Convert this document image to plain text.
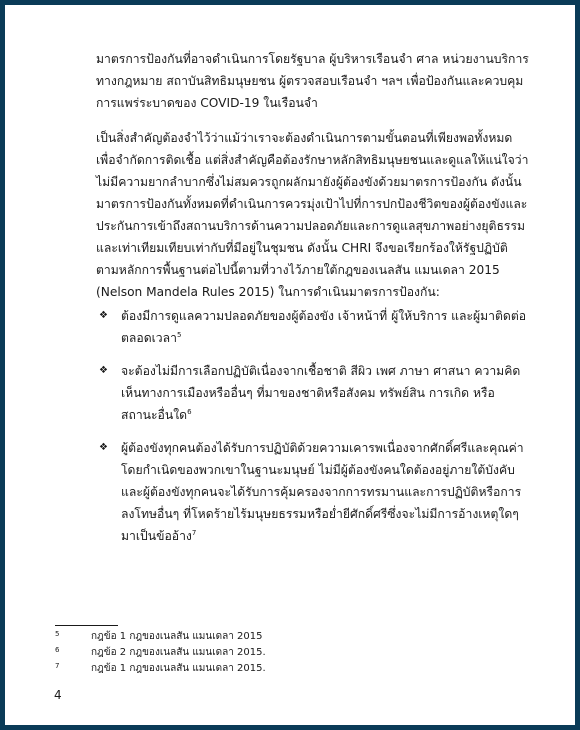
มาตรการป้องกันที่อาจดำเนินการโดยรัฐบาล ผู้บริหารเรือนจำ ศาล หน่วยงานบริการทางกฎหมาย สถาบันสิทธิมนุษยชน ผู้ตรวจสอบเรือนจำ ฯลฯ เพื่อป้องกันและควบคุมการแพร่ระบาดของ COVID-19 ในเรือนจำ

เป็นสิ่งสำคัญต้องจำไว้ว่าแม้ว่าเราจะต้องดำเนินการตามขั้นตอนที่เพียงพอทั้งหมดเพื่อจำกัดการติดเชื้อ แต่สิ่งสำคัญคือต้องรักษาหลักสิทธิมนุษยชนและดูแลให้แน่ใจว่าไม่มีความยากลำบากซึ่งไม่สมควรถูกผลักมายังผู้ต้องขังด้วยมาตรการป้องกัน ดังนั้น มาตรการป้องกันทั้งหมดที่ดำเนินการควรมุ่งเป้าไปที่การปกป้องชีวิตของผู้ต้องขังและประกันการเข้าถึงสถานบริการด้านความปลอดภัยและการดูแลสุขภาพอย่างยุติธรรมและเท่าเทียมเทียบเท่ากับที่มีอยู่ในชุมชน ดังนั้น CHRI จึงขอเรียกร้องให้รัฐปฏิบัติตามหลักการพื้นฐานต่อไปนี้ตามที่วางไว้ภายใต้กฎของเนลสัน แมนเดลา 2015 (Nelson Mandela Rules 2015) ในการดำเนินมาตรการป้องกัน:

❖ ต้องมีการดูแลความปลอดภัยของผู้ต้องขัง เจ้าหน้าที่ ผู้ให้บริการ และผู้มาติดต่อตลอดเวลา$^5$
❖ จะต้องไม่มีการเลือกปฏิบัติเนื่องจากเชื้อชาติ สีผิว เพศ ภาษา ศาสนา ความคิดเห็นทางการเมืองหรืออื่นๆ ที่มาของชาติหรือสังคม ทรัพย์สิน การเกิด หรือสถานะอื่นใด$^6$
❖ ผู้ต้องขังทุกคนต้องได้รับการปฏิบัติด้วยความเคารพเนื่องจากศักดิ์ศรีและคุณค่าโดยกำเนิดของพวกเขาในฐานะมนุษย์ ไม่มีผู้ต้องขังคนใดต้องอยู่ภายใต้บังคับและผู้ต้องขังทุกคนจะได้รับการคุ้มครองจากการทรมานและการปฏิบัติหรือการลงโทษอื่นๆ ที่โหดร้ายไร้มนุษยธรรมหรือย่ำยีศักดิ์ศรีซึ่งจะไม่มีการอ้างเหตุใดๆ มาเป็นข้ออ้าง$^7$
5	กฎข้อ 1 กฎของเนลสัน แมนเดลา 2015
6	กฎข้อ 2 กฎของเนลสัน แมนเดลา 2015.
7	กฎข้อ 1 กฎของเนลสัน แมนเดลา 2015.
4
